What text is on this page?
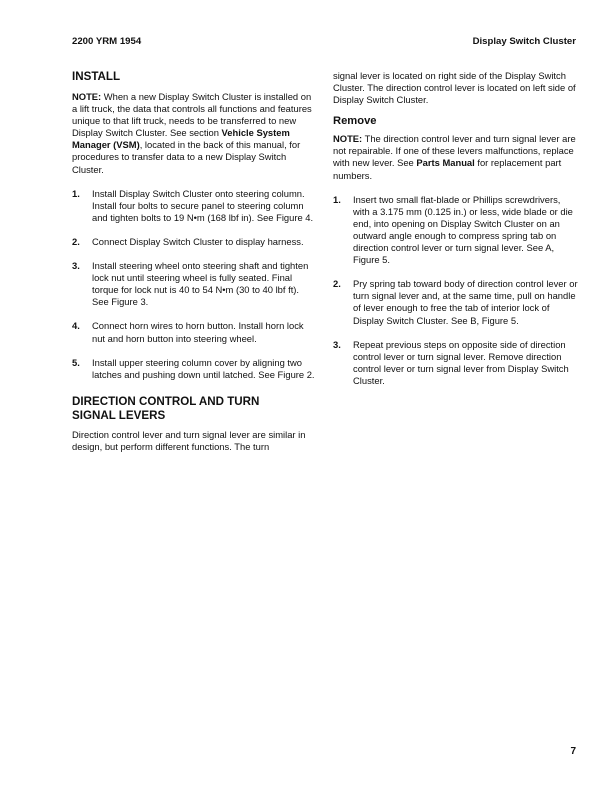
2200 YRM 1954	Display Switch Cluster
INSTALL

NOTE: When a new Display Switch Cluster is installed on a lift truck, the data that controls all functions and features unique to that lift truck, needs to be transferred to new Display Switch Cluster. See section Vehicle System Manager (VSM), located in the back of this manual, for procedures to transfer data to a new Display Switch Cluster.

1.	Install Display Switch Cluster onto steering column. Install four bolts to secure panel to steering column and tighten bolts to 19 N•m (168 lbf in). See Figure 4.
2.	Connect Display Switch Cluster to display harness.
3.	Install steering wheel onto steering shaft and tighten lock nut until steering wheel is fully seated. Final torque for lock nut is 40 to 54 N•m (30 to 40 lbf ft). See Figure 3.
4.	Connect horn wires to horn button. Install horn lock nut and horn button into steering wheel.
5.	Install upper steering column cover by aligning two latches and pushing down until latched. See Figure 2.
DIRECTION CONTROL AND TURN
SIGNAL LEVERS

Direction control lever and turn signal lever are similar in design, but perform different functions. The turn

signal lever is located on right side of the Display Switch Cluster. The direction control lever is located on left side of Display Switch Cluster.

Remove

NOTE: The direction control lever and turn signal lever are not repairable. If one of these levers malfunctions, replace with new lever. See Parts Manual for replacement part numbers.

1.	Insert two small flat-blade or Phillips screwdrivers, with a 3.175 mm (0.125 in.) or less, wide blade or die end, into opening on Display Switch Cluster on an outward angle enough to compress spring tab on direction control lever or turn signal lever. See A, Figure 5.
2.	Pry spring tab toward body of direction control lever or turn signal lever and, at the same time, pull on handle of lever enough to free the tab of interior lock of Display Switch Cluster. See B, Figure 5.
3.	Repeat previous steps on opposite side of direction control lever or turn signal lever. Remove direction control lever or turn signal lever from Display Switch Cluster.
7
